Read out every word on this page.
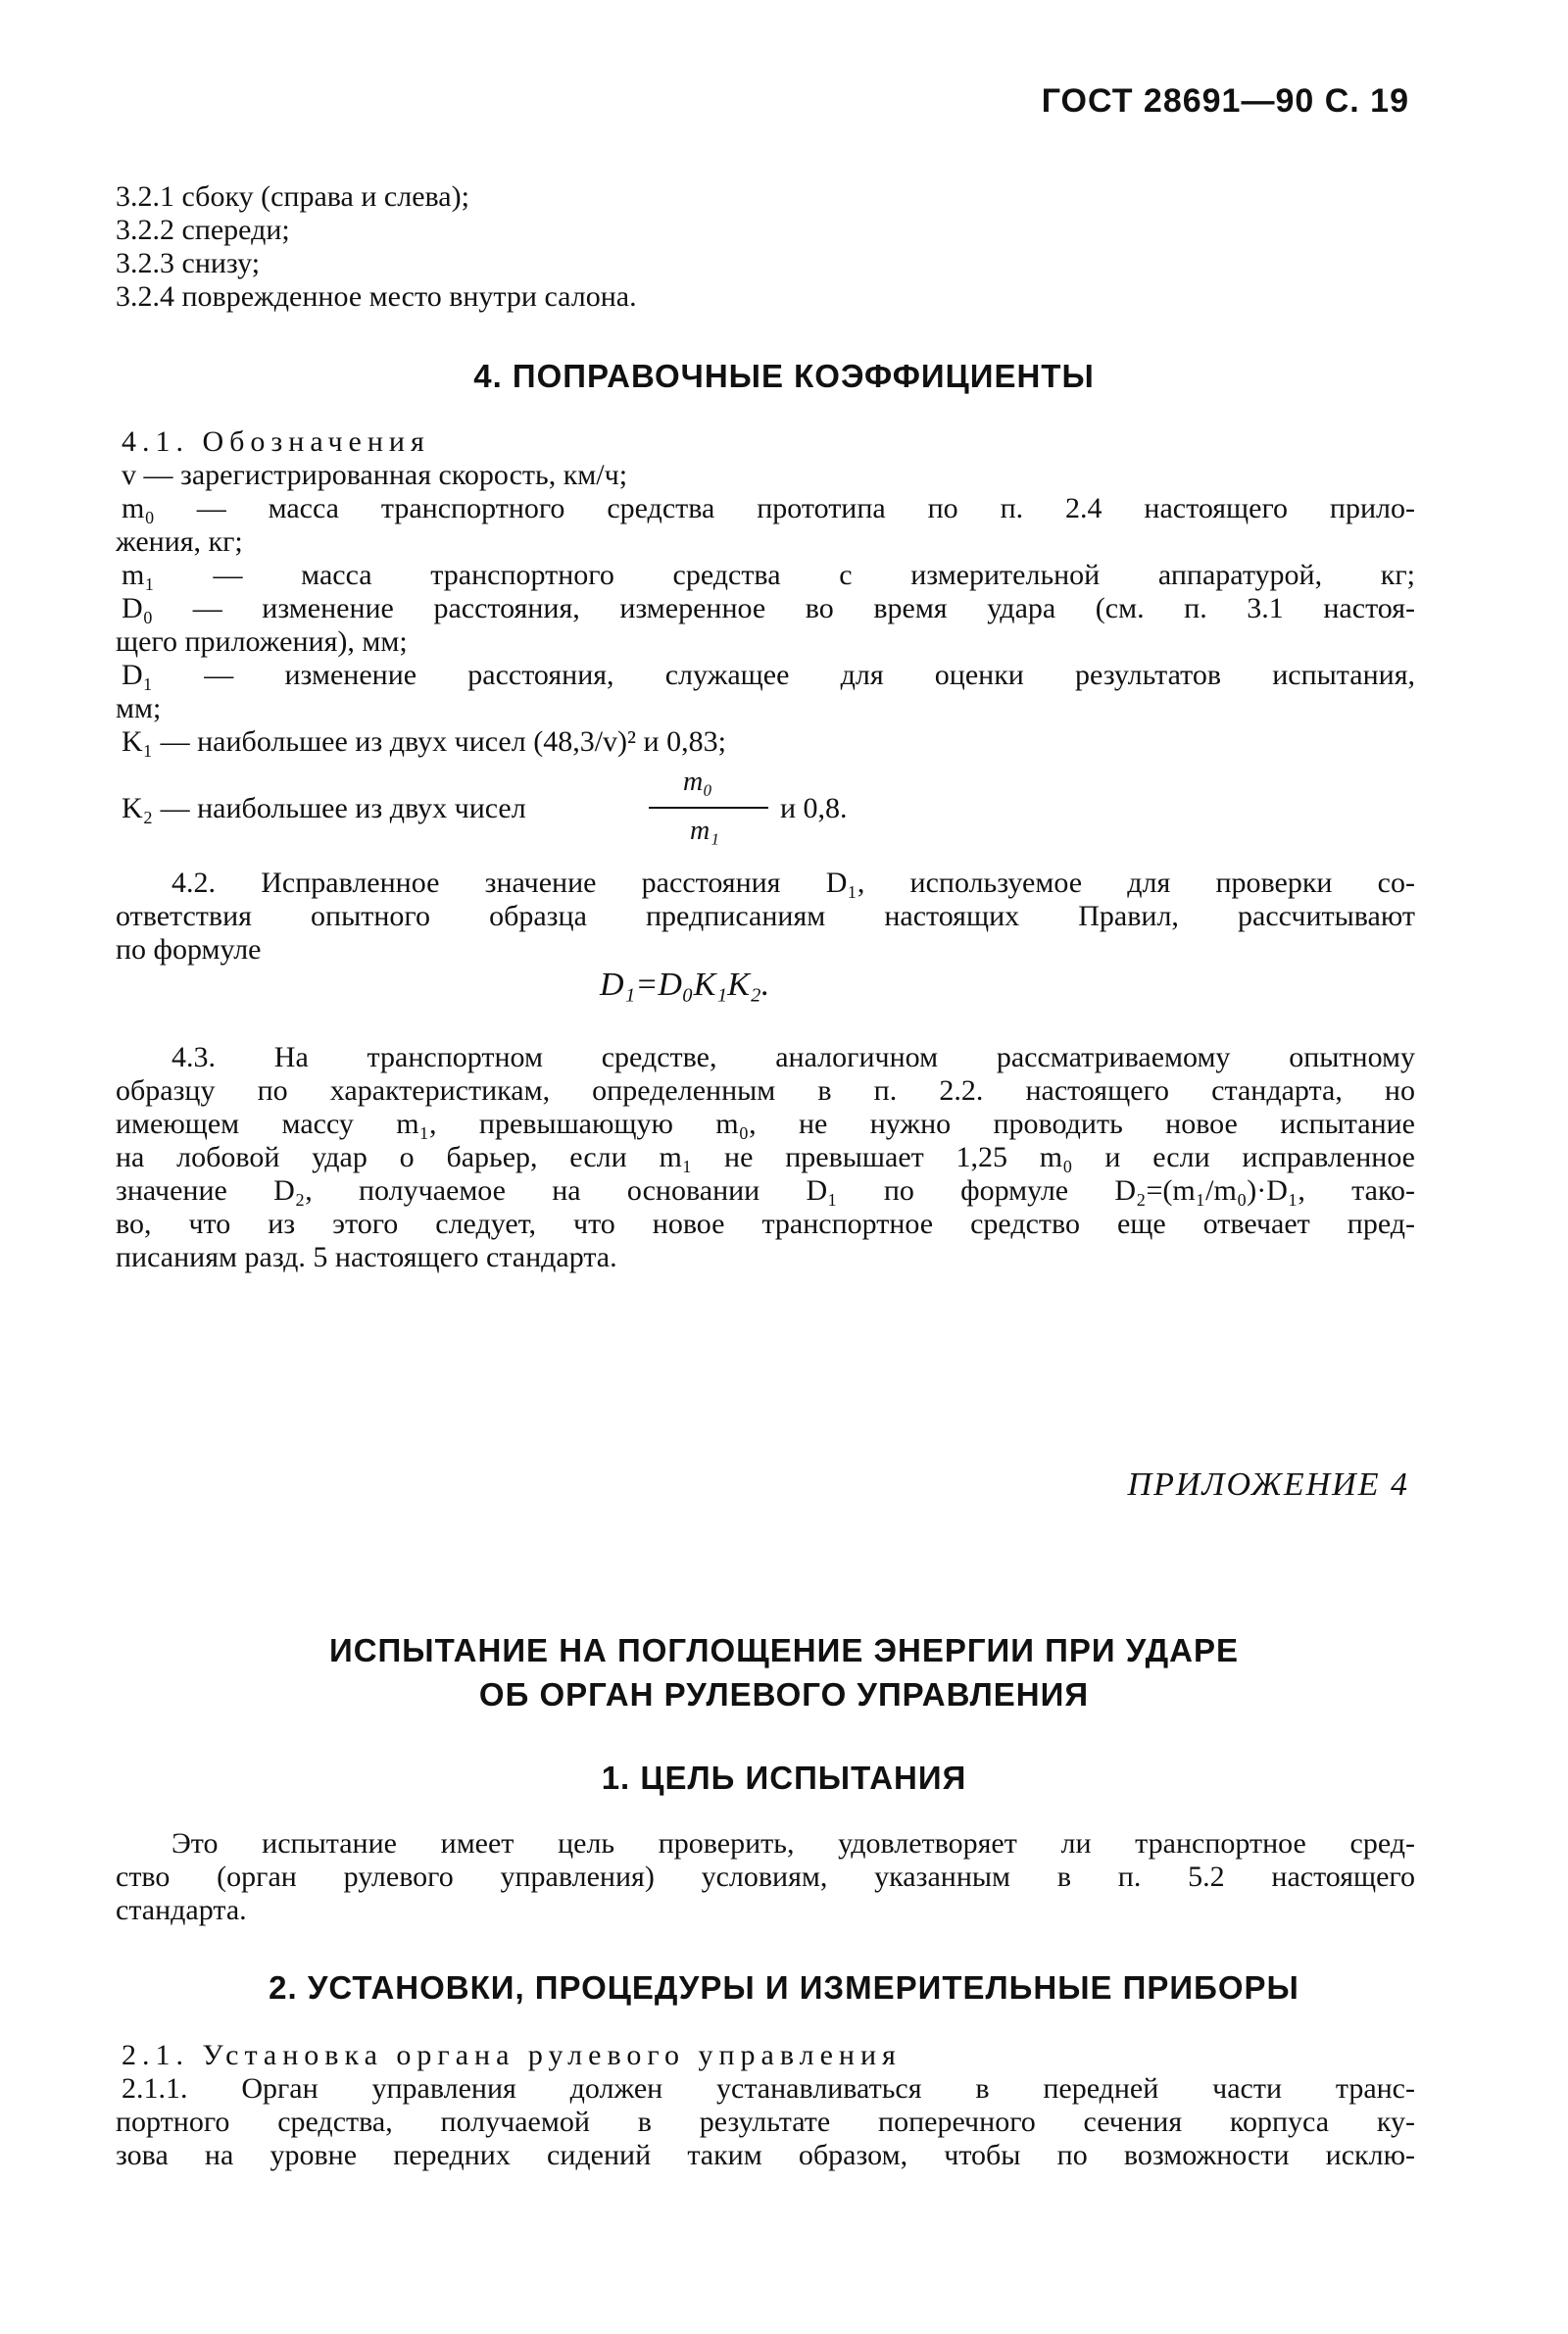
ГОСТ 28691—90 С. 19
3.2.1 сбоку (справа и слева);
3.2.2 спереди;
3.2.3 снизу;
3.2.4 поврежденное место внутри салона.
4. ПОПРАВОЧНЫЕ КОЭФФИЦИЕНТЫ
4.1. Обозначения
v — зарегистрированная скорость, км/ч;
m₀ — масса транспортного средства прототипа по п. 2.4 настоящего прило-
жения, кг;
m₁ — масса транспортного средства с измерительной аппаратурой, кг;
D₀ — изменение расстояния, измеренное во время удара (см. п. 3.1 настоя-
щего приложения), мм;
D₁ — изменение расстояния, служащее для оценки результатов испытания,
мм;
K₁ — наибольшее из двух чисел (48,3/v)² и 0,83;
K₂ — наибольшее из двух чисел
m₀
m₁
и 0,8.
4.2. Исправленное значение расстояния D₁, используемое для проверки со-
ответствия опытного образца предписаниям настоящих Правил, рассчитывают
по формуле
D₁=D₀K₁K₂.
4.3. На транспортном средстве, аналогичном рассматриваемому опытному
образцу по характеристикам, определенным в п. 2.2. настоящего стандарта, но
имеющем массу m₁, превышающую m₀, не нужно проводить новое испытание
на лобовой удар о барьер, если m₁ не превышает 1,25 m₀ и если исправленное
значение D₂, получаемое на основании D₁ по формуле D₂=(m₁/m₀)·D₁, тако-
во, что из этого следует, что новое транспортное средство еще отвечает пред-
писаниям разд. 5 настоящего стандарта.
ПРИЛОЖЕНИЕ 4
ИСПЫТАНИЕ НА ПОГЛОЩЕНИЕ ЭНЕРГИИ ПРИ УДАРЕ
ОБ ОРГАН РУЛЕВОГО УПРАВЛЕНИЯ
1. ЦЕЛЬ ИСПЫТАНИЯ
Это испытание имеет цель проверить, удовлетворяет ли транспортное сред-
ство (орган рулевого управления) условиям, указанным в п. 5.2 настоящего
стандарта.
2. УСТАНОВКИ, ПРОЦЕДУРЫ И ИЗМЕРИТЕЛЬНЫЕ ПРИБОРЫ
2.1. Установка органа рулевого управления
2.1.1. Орган управления должен устанавливаться в передней части транс-
портного средства, получаемой в результате поперечного сечения корпуса ку-
зова на уровне передних сидений таким образом, чтобы по возможности исклю-
